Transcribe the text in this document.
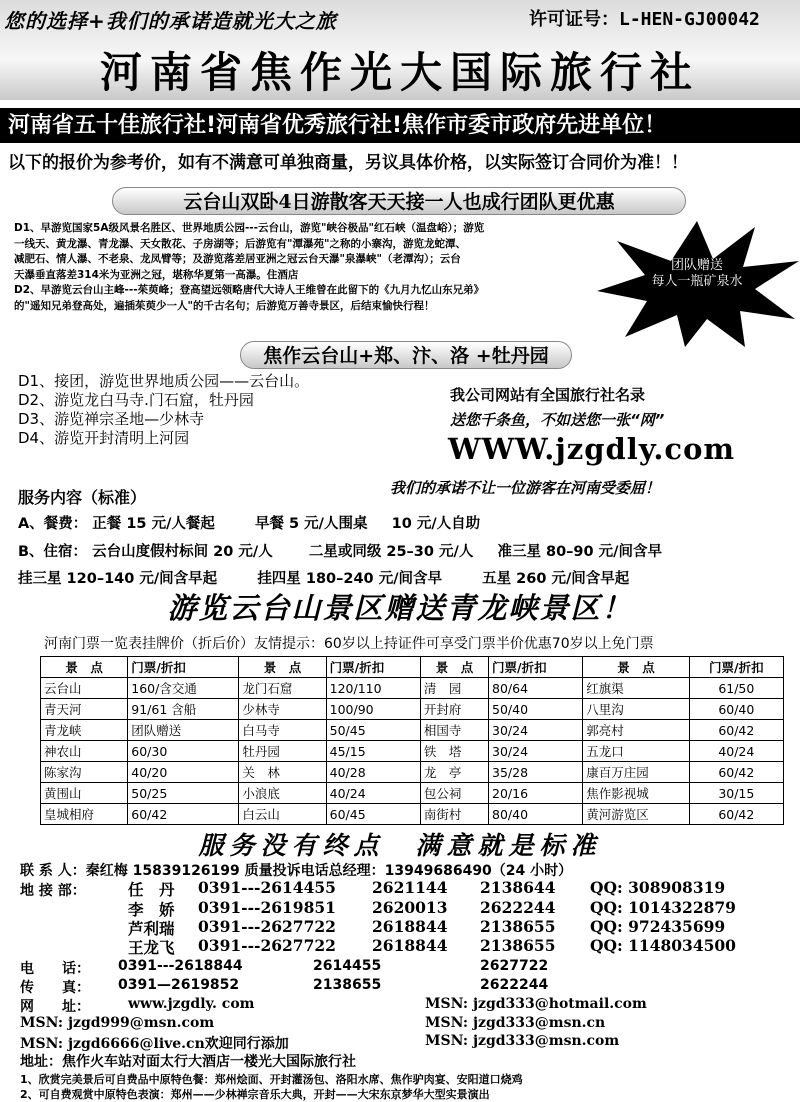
您的选择+我们的承诺造就光大之旅	许可证号：L-HEN-GJ00042
河南省焦作光大国际旅行社
河南省五十佳旅行社!河南省优秀旅行社!焦作市委市政府先进单位！
以下的报价为参考价，如有不满意可单独商量，另议具体价格，以实际签订合同价为准！！
云台山双卧4日游散客天天接一人也成行团队更优惠
D1、早游览国家5A级风景名胜区、世界地质公园---云台山，游览"峡谷极品"红石峡（温盘峪）；游览
一线天、黄龙瀑、青龙瀑、天女散花、子房湖等；后游览有"潭瀑苑"之称的小寨沟，游览龙蛇潭、
减肥石、情人瀑、不老泉、龙凤臂等；及游览落差居亚洲之冠云台天瀑"泉瀑峡"（老潭沟）；云台
天瀑垂直落差314米为亚洲之冠，堪称华夏第一高瀑。住酒店
D2、早游览云台山主峰---茱萸峰；登高望远领略唐代大诗人王维曾在此留下的《九月九忆山东兄弟》
的"遥知兄弟登高处，遍插茱萸少一人"的千古名句；后游览万善寺景区，后结束愉快行程！
团队赠送
每人一瓶矿泉水
焦作云台山+郑、汴、洛 +牡丹园
D1、接团，游览世界地质公园——云台山。
D2、游览龙白马寺.门石窟，牡丹园
D3、游览禅宗圣地—少林寺
D4、游览开封清明上河园
我公司网站有全国旅行社名录
送您千条鱼，不如送您一张“网”
WWW.jzgdly.com
我们的承诺不让一位游客在河南受委屈！
服务内容（标准）
A、餐费： 正餐 15 元/人餐起	早餐 5 元/人围桌 10 元/人自助
B、住宿： 云台山度假村标间 20 元/人 二星或同级 25–30 元/人 准三星 80–90 元/间含早
挂三星 120–140 元/间含早起	挂四星 180–240 元/间含早	五星 260 元/间含早起
游览云台山景区赠送青龙峡景区！
河南门票一览表挂牌价（折后价）友情提示：60岁以上持证件可享受门票半价优惠70岁以上免门票
景　点	门票/折扣	景　点	门票/折扣	景　点	门票/折扣	景　点	门票/折扣
云台山	160/含交通	龙门石窟	120/110	清　园	80/64	红旗渠	61/50
青天河	91/61 含船	少林寺	100/90	开封府	50/40	八里沟	60/40
青龙峡	团队赠送	白马寺	50/45	相国寺	30/24	郭亮村	60/42
神农山	60/30	牡丹园	45/15	铁　塔	30/24	五龙口	40/24
陈家沟	40/20	关　林	40/28	龙　亭	35/28	康百万庄园	60/42
黄围山	50/25	小浪底	40/24	包公祠	20/16	焦作影视城	30/15
皇城相府	60/42	白云山	60/45	南街村	80/40	黄河游览区	60/42
服务没有终点　满意就是标准
联 系 人：秦红梅 15839126199 质量投诉电话总经理：13949686490（24 小时）
地 接 部：	任　丹 0391---2614455 2621144 2138644 QQ: 308908319
李　娇 0391---2619851 2620013 2622244 QQ: 1014322879
芦利瑞 0391---2627722 2618844 2138655 QQ: 972435699
王龙飞 0391---2627722 2618844 2138655 QQ: 1148034500
电　　话： 0391---2618844	2614455	2627722
传　　真： 0391—2619852	2138655	2622244
网　　址：	www.jzgdly. com	MSN: jzgd333@hotmail.com
MSN: jzgd999@msn.com	MSN: jzgd333@msn.cn
MSN: jzgd6666@live.cn欢迎同行添加	MSN: jzgd333@msn.com
地址：焦作火车站对面太行大酒店一楼光大国际旅行社
1、欣赏完美景后可自费品中原特色餐：郑州烩面、开封灌汤包、洛阳水席、焦作驴肉宴、安阳道口烧鸡
2、可自费观赏中原特色表演：郑州——少林禅宗音乐大典，开封——大宋东京梦华大型实景演出
